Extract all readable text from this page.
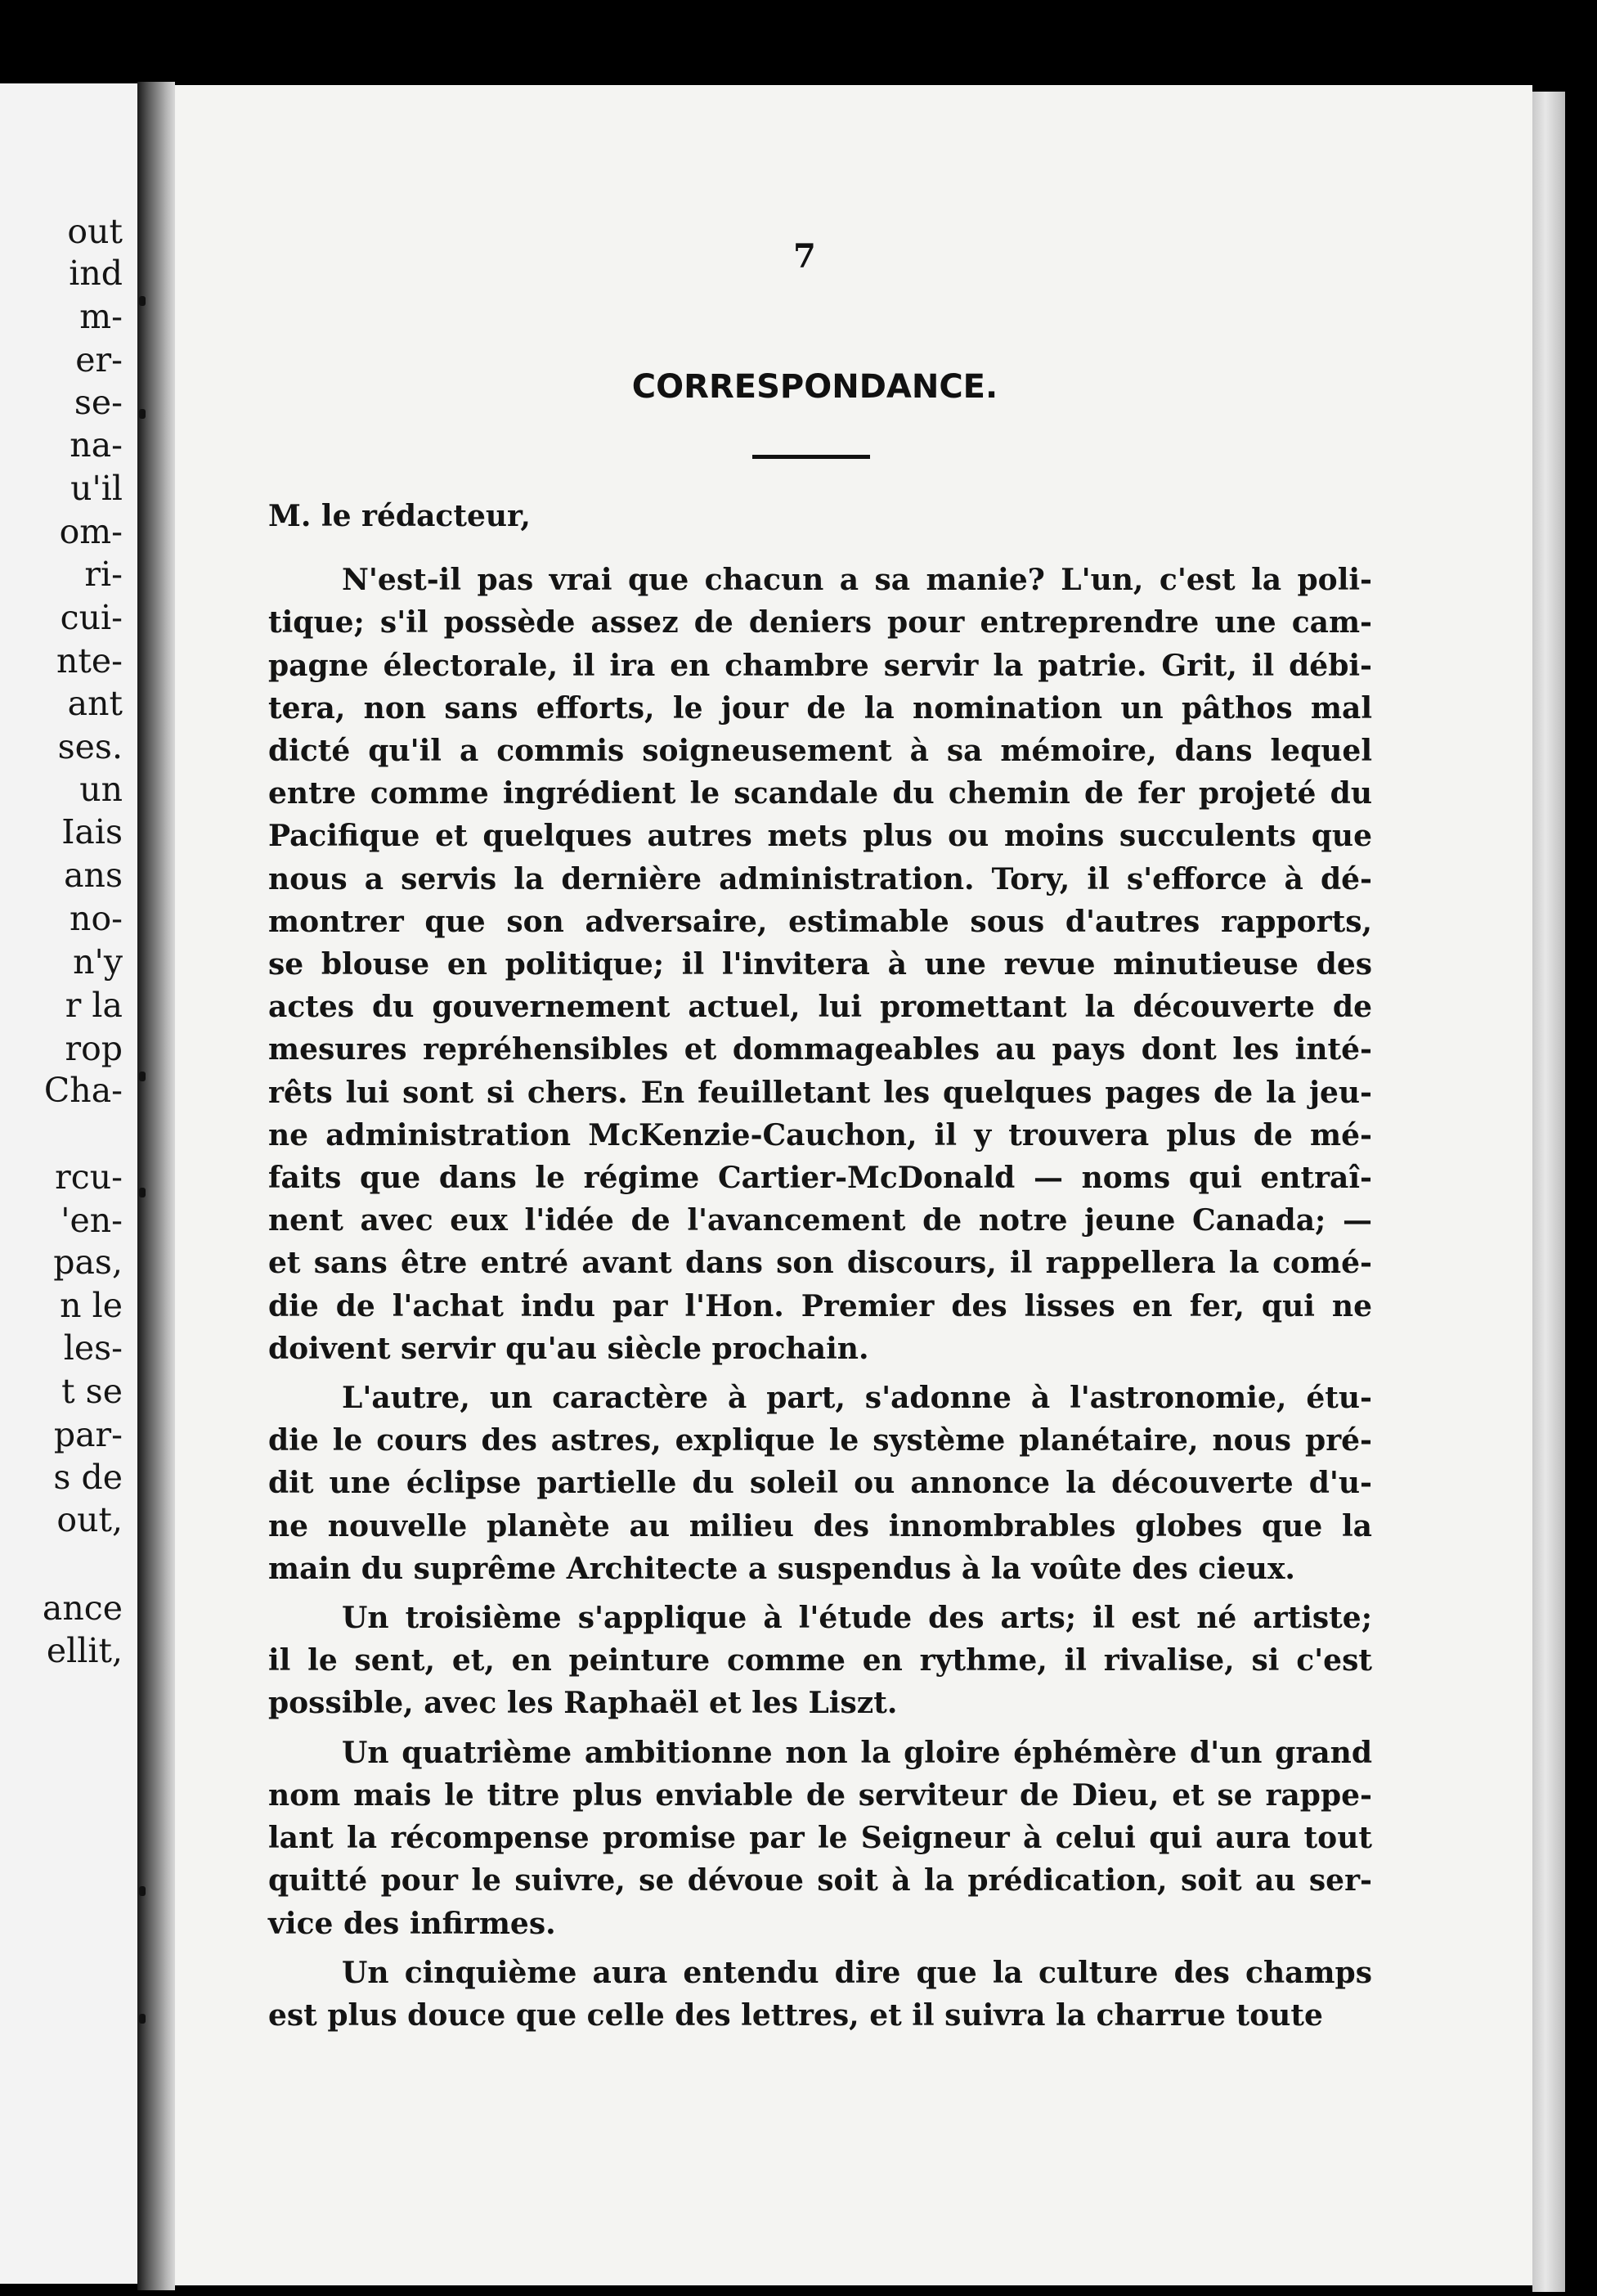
out
ind
m-
er-
se-
na-
u'il
om-
ri-
cui-
nte-
ant
ses.
un
Iais
ans
no-
n'y
r la
rop
Cha-
rcu-
'en-
pas,
n le
les-
t se
par-
s de
out,
ance
ellit,
7
CORRESPONDANCE.

M. le rédacteur,

N'est-il pas vrai que chacun a sa manie? L'un, c'est la poli-
tique; s'il possède assez de deniers pour entreprendre une cam-
pagne électorale, il ira en chambre servir la patrie. Grit, il débi-
tera, non sans efforts, le jour de la nomination un pâthos mal
dicté qu'il a commis soigneusement à sa mémoire, dans lequel
entre comme ingrédient le scandale du chemin de fer projeté du
Pacifique et quelques autres mets plus ou moins succulents que
nous a servis la dernière administration. Tory, il s'efforce à dé-
montrer que son adversaire, estimable sous d'autres rapports,
se blouse en politique; il l'invitera à une revue minutieuse des
actes du gouvernement actuel, lui promettant la découverte de
mesures repréhensibles et dommageables au pays dont les inté-
rêts lui sont si chers. En feuilletant les quelques pages de la jeu-
ne administration McKenzie-Cauchon, il y trouvera plus de mé-
faits que dans le régime Cartier-McDonald — noms qui entraî-
nent avec eux l'idée de l'avancement de notre jeune Canada; —
et sans être entré avant dans son discours, il rappellera la comé-
die de l'achat indu par l'Hon. Premier des lisses en fer, qui ne
doivent servir qu'au siècle prochain.
L'autre, un caractère à part, s'adonne à l'astronomie, étu-
die le cours des astres, explique le système planétaire, nous pré-
dit une éclipse partielle du soleil ou annonce la découverte d'u-
ne nouvelle planète au milieu des innombrables globes que la
main du suprême Architecte a suspendus à la voûte des cieux.
Un troisième s'applique à l'étude des arts; il est né artiste;
il le sent, et, en peinture comme en rythme, il rivalise, si c'est
possible, avec les Raphaël et les Liszt.
Un quatrième ambitionne non la gloire éphémère d'un grand
nom mais le titre plus enviable de serviteur de Dieu, et se rappe-
lant la récompense promise par le Seigneur à celui qui aura tout
quitté pour le suivre, se dévoue soit à la prédication, soit au ser-
vice des infirmes.
Un cinquième aura entendu dire que la culture des champs
est plus douce que celle des lettres, et il suivra la charrue toute
